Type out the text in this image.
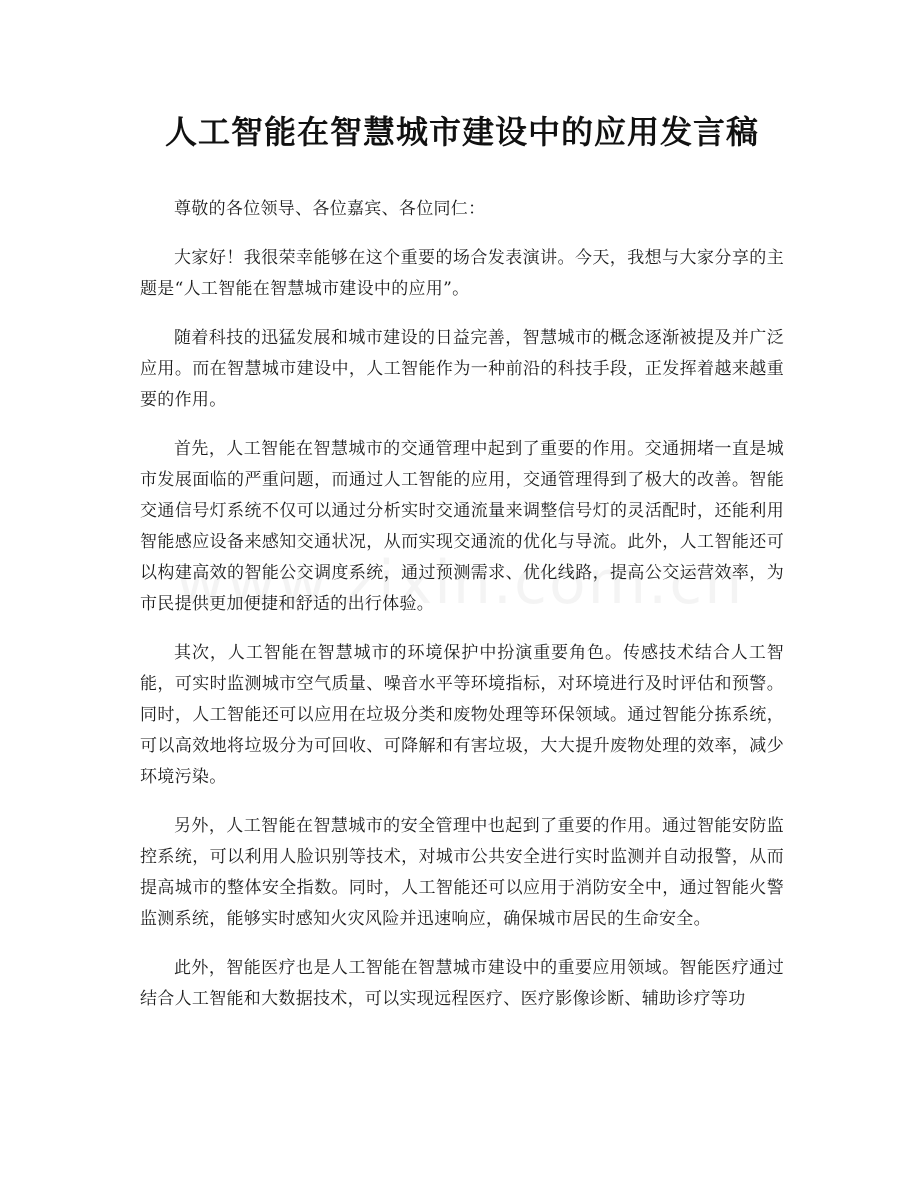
人工智能在智慧城市建设中的应用发言稿

尊敬的各位领导、各位嘉宾、各位同仁：

大家好！我很荣幸能够在这个重要的场合发表演讲。今天，我想与大家分享的主题是“人工智能在智慧城市建设中的应用”。

随着科技的迅猛发展和城市建设的日益完善，智慧城市的概念逐渐被提及并广泛应用。而在智慧城市建设中，人工智能作为一种前沿的科技手段，正发挥着越来越重要的作用。

首先，人工智能在智慧城市的交通管理中起到了重要的作用。交通拥堵一直是城市发展面临的严重问题，而通过人工智能的应用，交通管理得到了极大的改善。智能交通信号灯系统不仅可以通过分析实时交通流量来调整信号灯的灵活配时，还能利用智能感应设备来感知交通状况，从而实现交通流的优化与导流。此外，人工智能还可以构建高效的智能公交调度系统，通过预测需求、优化线路，提高公交运营效率，为市民提供更加便捷和舒适的出行体验。

其次，人工智能在智慧城市的环境保护中扮演重要角色。传感技术结合人工智能，可实时监测城市空气质量、噪音水平等环境指标，对环境进行及时评估和预警。同时，人工智能还可以应用在垃圾分类和废物处理等环保领域。通过智能分拣系统，可以高效地将垃圾分为可回收、可降解和有害垃圾，大大提升废物处理的效率，减少环境污染。

另外，人工智能在智慧城市的安全管理中也起到了重要的作用。通过智能安防监控系统，可以利用人脸识别等技术，对城市公共安全进行实时监测并自动报警，从而提高城市的整体安全指数。同时，人工智能还可以应用于消防安全中，通过智能火警监测系统，能够实时感知火灾风险并迅速响应，确保城市居民的生命安全。

此外，智能医疗也是人工智能在智慧城市建设中的重要应用领域。智能医疗通过结合人工智能和大数据技术，可以实现远程医疗、医疗影像诊断、辅助诊疗等功
